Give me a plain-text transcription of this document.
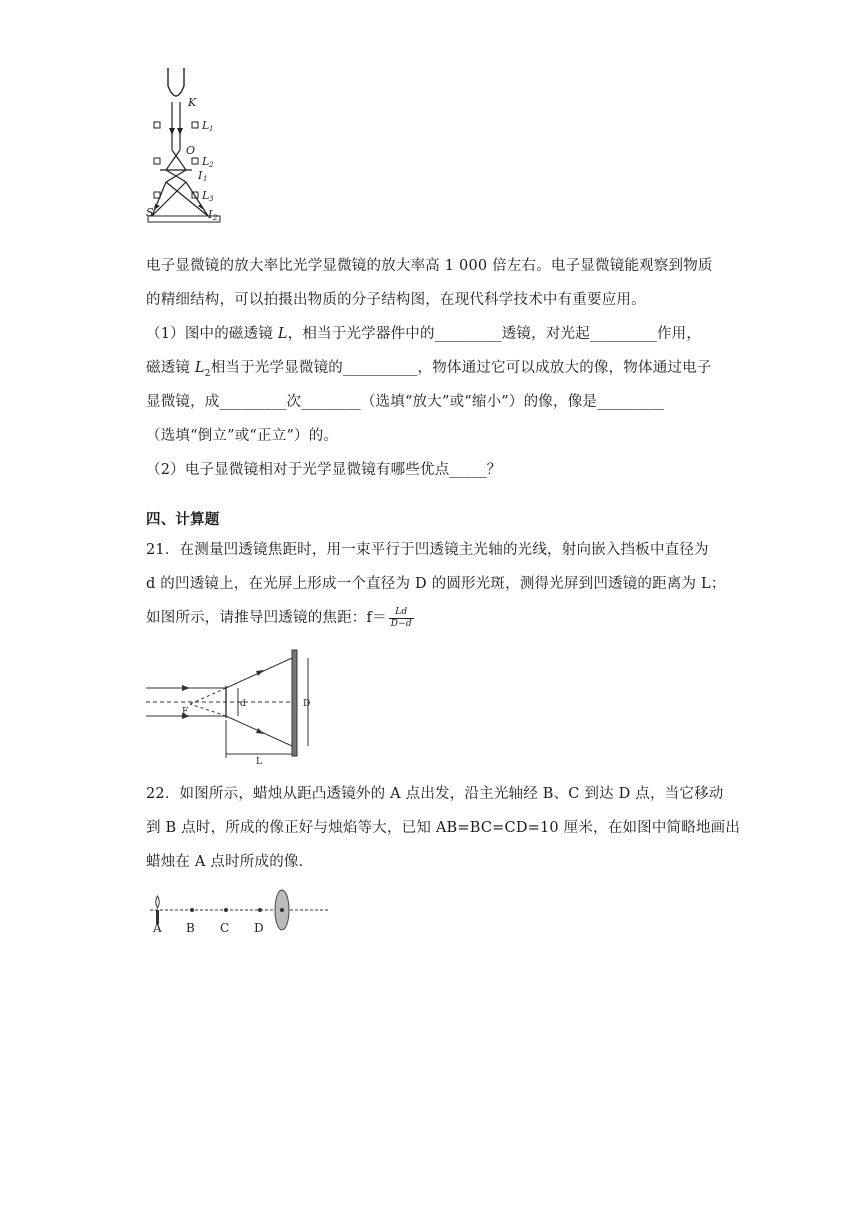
K
L 1
O
L 2
I 1
L 3
I 2
S
电子显微镜的放大率比光学显微镜的放大率高 1 000 倍左右。电子显微镜能观察到物质
的精细结构，可以拍摄出物质的分子结构图，在现代科学技术中有重要应用。
（1）图中的磁透镜 L，相当于光学器件中的_________透镜，对光起_________作用，
磁透镜 $L_2$相当于光学显微镜的__________，物体通过它可以成放大的像，物体通过电子
显微镜，成_________次________（选填“放大”或“缩小”）的像，像是_________
（选填“倒立”或“正立”）的。
（2）电子显微镜相对于光学显微镜有哪些优点_____？
四、计算题
21．在测量凹透镜焦距时，用一束平行于凹透镜主光轴的光线，射向嵌入挡板中直径为
d 的凹透镜上，在光屏上形成一个直径为 D 的圆形光斑，测得光屏到凹透镜的距离为 L；
如图所示，请推导凹透镜的焦距：$f= \frac{Ld}{D-d}$
F
d
L
D
22．如图所示，蜡烛从距凸透镜外的 A 点出发，沿主光轴经 B、C 到达 D 点，当它移动
到 B 点时，所成的像正好与烛焰等大，已知 AB=BC=CD=10 厘米，在如图中简略地画出
蜡烛在 A 点时所成的像．
A B C D
